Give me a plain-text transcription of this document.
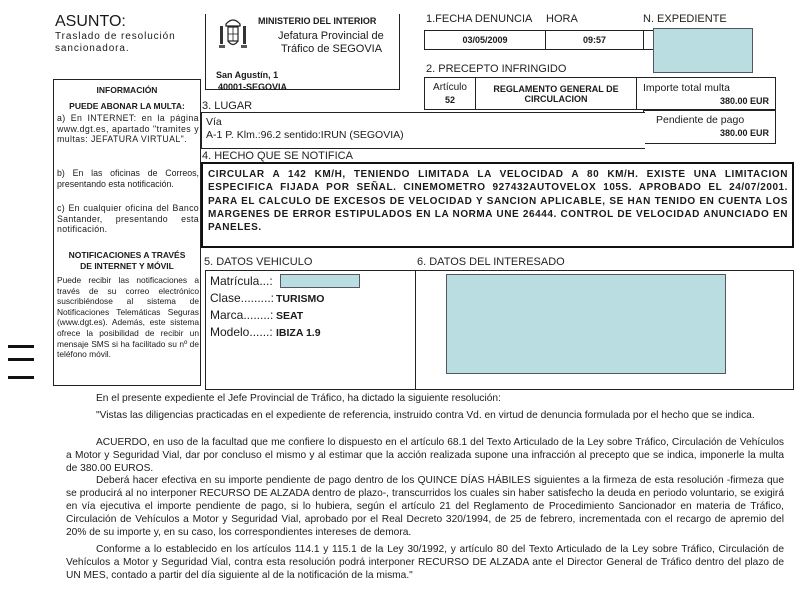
ASUNTO:
Traslado de resolución sancionadora.
MINISTERIO DEL INTERIOR
Jefatura Provincial de
Tráfico de SEGOVIA
San Agustín, 1
40001-SEGOVIA
INFORMACIÓN
PUEDE ABONAR LA MULTA:
a) En INTERNET: en la página www.dgt.es, apartado "tramites y multas: JEFATURA VIRTUAL".
b) En las oficinas de Correos, presentando esta notificación.
c) En cualquier oficina del Banco Santander, presentando esta notificación.
NOTIFICACIONES A TRAVÉS
DE INTERNET Y MÓVIL
Puede recibir las notificaciones a través de su correo electrónico suscribiéndose al sistema de Notificaciones Telemáticas Seguras (www.dgt.es). Además, este sistema ofrece la posibilidad de recibir un mensaje SMS si ha facilitado su nº de teléfono móvil.
1.FECHA DENUNCIA HORA	N. EXPEDIENTE
03/05/2009	09:57
2. PRECEPTO INFRINGIDO
Artículo
52
REGLAMENTO GENERAL DE
CIRCULACION
Importe total multa
380.00 EUR
Pendiente de pago
380.00 EUR
3. LUGAR
Vía
A-1 P. Klm.:96.2 sentido:IRUN (SEGOVIA)
4. HECHO QUE SE NOTIFICA
CIRCULAR A 142 KM/H, TENIENDO LIMITADA LA VELOCIDAD A 80 KM/H. EXISTE UNA LIMITACION ESPECIFICA FIJADA POR SEÑAL. CINEMOMETRO 927432AUTOVELOX 105S. APROBADO EL 24/07/2001. PARA EL CALCULO DE EXCESOS DE VELOCIDAD Y SANCION APLICABLE, SE HAN TENIDO EN CUENTA LOS MARGENES DE ERROR ESTIPULADOS EN LA NORMA UNE 26444. CONTROL DE VELOCIDAD ANUNCIADO EN PANELES.
5. DATOS VEHICULO
Matrícula...:
Clase.........: TURISMO
Marca........: SEAT
Modelo......: IBIZA 1.9
6. DATOS DEL INTERESADO
En el presente expediente el Jefe Provincial de Tráfico, ha dictado la siguiente resolución:
"Vistas las diligencias practicadas en el expediente de referencia, instruido contra Vd. en virtud de denuncia formulada por el hecho que se indica.
ACUERDO, en uso de la facultad que me confiere lo dispuesto en el artículo 68.1 del Texto Articulado de la Ley sobre Tráfico, Circulación de Vehículos a Motor y Seguridad Vial, dar por concluso el mismo y al estimar que la acción realizada supone una infracción al precepto que se indica, imponerle la multa de 380.00 EUROS.
Deberá hacer efectiva en su importe pendiente de pago dentro de los QUINCE DÍAS HÁBILES siguientes a la firmeza de esta resolución -firmeza que se producirá al no interponer RECURSO DE ALZADA dentro de plazo-, transcurridos los cuales sin haber satisfecho la deuda en periodo voluntario, se exigirá en vía ejecutiva el importe pendiente de pago, si lo hubiera, según el artículo 21 del Reglamento de Procedimiento Sancionador en materia de Tráfico, Circulación de Vehículos a Motor y Seguridad Vial, aprobado por el Real Decreto 320/1994, de 25 de febrero, incrementada con el recargo de apremio del 20% de su importe y, en su caso, los correspondientes intereses de demora.
Conforme a lo establecido en los artículos 114.1 y 115.1 de la Ley 30/1992, y artículo 80 del Texto Articulado de la Ley sobre Tráfico, Circulación de Vehículos a Motor y Seguridad Vial, contra esta resolución podrá interponer RECURSO DE ALZADA ante el Director General de Tráfico dentro del plazo de UN MES, contado a partir del día siguiente al de la notificación de la misma."
